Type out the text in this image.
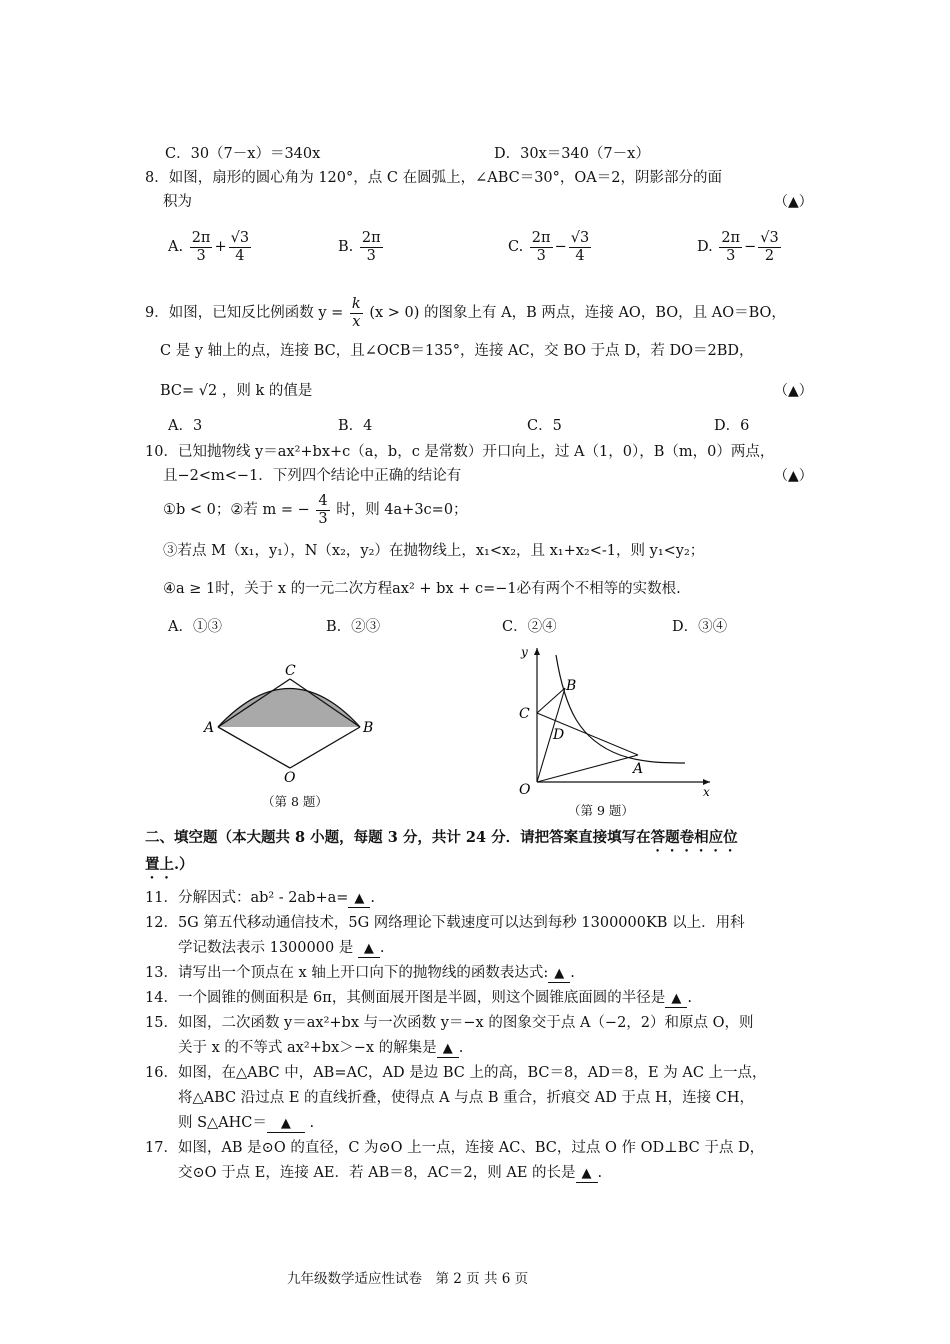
C．30（7－x）＝340x	D．30x＝340（7－x）
8．如图，扇形的圆心角为 120°，点 C 在圆弧上，∠ABC＝30°，OA＝2，阴影部分的面
积为	（▲）
A. $\frac{2\pi}{3} + \frac{√3}{4}$	B. $\frac{2\pi}{3}$	C. $\frac{2\pi}{3} - \frac{√3}{4}$	D. $\frac{2\pi}{3} - \frac{√3}{2}$
9．如图，已知反比例函数 $y = \frac{k}{x} (x > 0)$ 的图象上有 A，B 两点，连接 AO，BO，且 AO＝BO，
C 是 y 轴上的点，连接 BC，且∠OCB＝135°，连接 AC，交 BO 于点 D，若 DO＝2BD，
BC= √2 ，则 k 的值是	（▲）
A．3	B．4	C．5	D．6
10．已知抛物线 y＝ax²+bx+c（a，b，c 是常数）开口向上，过 A（1，0），B（m，0）两点，
且−2<m<−1．下列四个结论中正确的结论有	（▲）
①b < 0；②若 m = − $\frac{4}{3}$ 时，则 4a+3c=0；
③若点 M（x₁，y₁），N（x₂，y₂）在抛物线上，x₁<x₂，且 x₁+x₂<-1，则 y₁<y₂；
④a ≥ 1时，关于 x 的一元二次方程ax² + bx + c=−1必有两个不相等的实数根.
A．①③	B．②③	C．②④	D．③④
C
A	B
O
（第 8 题）
y
x
O
B
C
D
A
（第 9 题）
二、填空题（本大题共 8 小题，每题 3 分，共计 24 分．请把答案直接填写在答题卷相应位
置上.）
11．分解因式：ab² - 2ab+a= ▲ .
12．5G 第五代移动通信技术，5G 网络理论下载速度可以达到每秒 1300000KB 以上．用科
学记数法表示 1300000 是 ▲ .
13．请写出一个顶点在 x 轴上开口向下的抛物线的函数表达式: ▲ .
14．一个圆锥的侧面积是 6π，其侧面展开图是半圆，则这个圆锥底面圆的半径是 ▲ .
15．如图，二次函数 y＝ax²+bx 与一次函数 y＝−x 的图象交于点 A（−2，2）和原点 O，则
关于 x 的不等式 ax²+bx＞−x 的解集是 ▲ .
16．如图，在△ABC 中，AB=AC，AD 是边 BC 上的高，BC＝8，AD＝8，E 为 AC 上一点，
将△ABC 沿过点 E 的直线折叠，使得点 A 与点 B 重合，折痕交 AD 于点 H，连接 CH，
则 S△AHC＝ ▲ .
17．如图，AB 是⊙O 的直径，C 为⊙O 上一点，连接 AC、BC，过点 O 作 OD⊥BC 于点 D，
交⊙O 于点 E，连接 AE．若 AB＝8，AC＝2，则 AE 的长是 ▲ .
九年级数学适应性试卷　第 2 页 共 6 页
